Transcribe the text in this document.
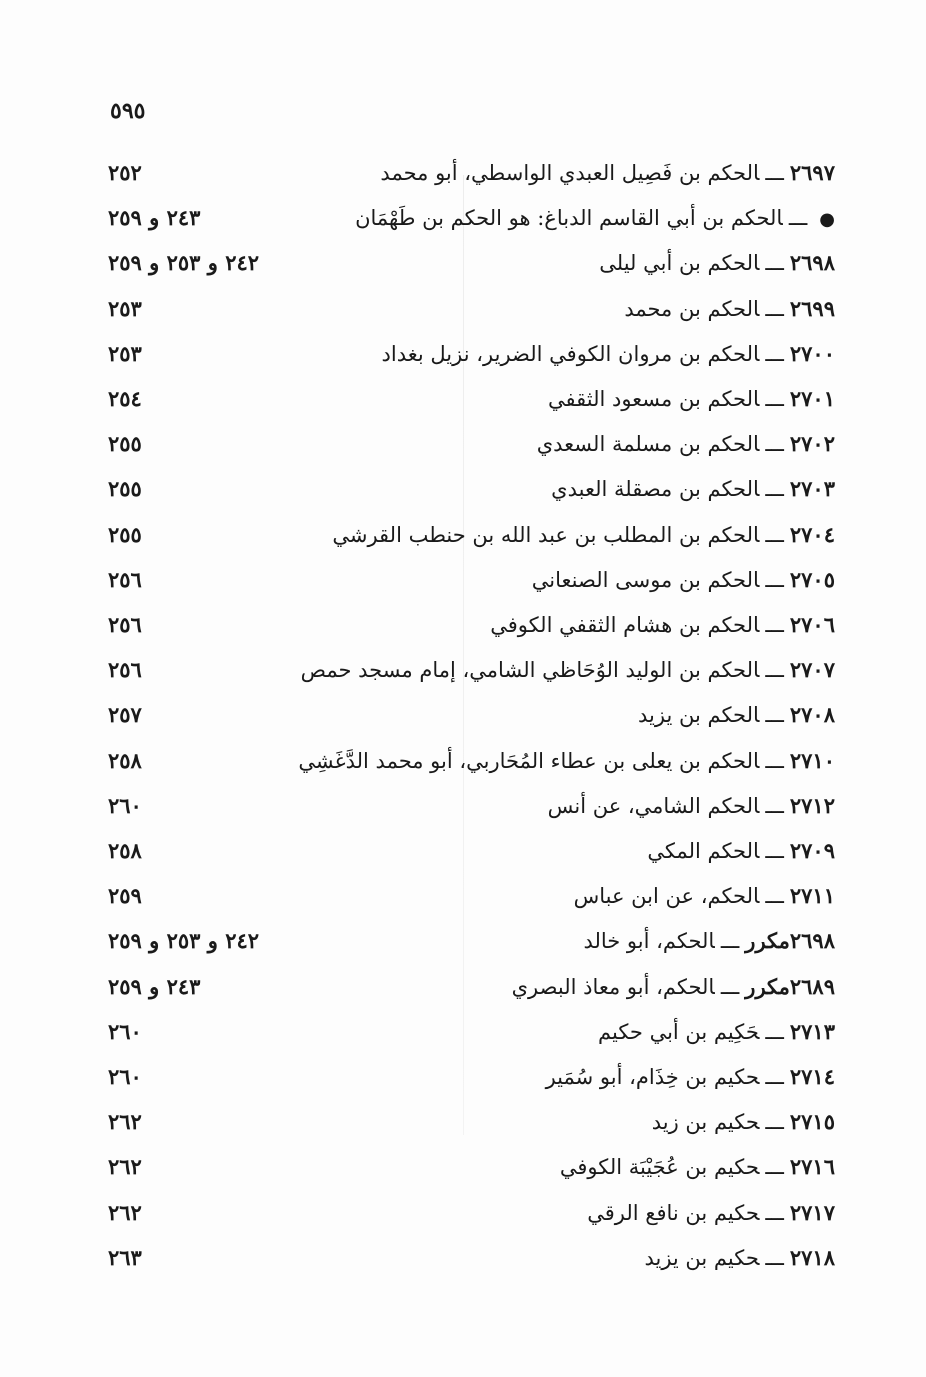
٥٩٥
٢٦٩٧ـــالحكم بن فَصِيل العبدي الواسطي، أبو محمد
٢٥٢
●ـــالحكم بن أبي القاسم الدباغ: هو الحكم بن طَهْمَان
٢٤٣ و ٢٥٩
٢٦٩٨ـــالحكم بن أبي ليلى
٢٤٢ و ٢٥٣ و ٢٥٩
٢٦٩٩ـــالحكم بن محمد
٢٥٣
٢٧٠٠ـــالحكم بن مروان الكوفي الضرير، نزيل بغداد
٢٥٣
٢٧٠١ـــالحكم بن مسعود الثقفي
٢٥٤
٢٧٠٢ـــالحكم بن مسلمة السعدي
٢٥٥
٢٧٠٣ـــالحكم بن مصقلة العبدي
٢٥٥
٢٧٠٤ـــالحكم بن المطلب بن عبد الله بن حنطب القرشي
٢٥٥
٢٧٠٥ـــالحكم بن موسى الصنعاني
٢٥٦
٢٧٠٦ـــالحكم بن هشام الثقفي الكوفي
٢٥٦
٢٧٠٧ـــالحكم بن الوليد الوُحَاظي الشامي، إمام مسجد حمص
٢٥٦
٢٧٠٨ـــالحكم بن يزيد
٢٥٧
٢٧١٠ـــالحكم بن يعلى بن عطاء المُحَاربي، أبو محمد الدَّغَشِي
٢٥٨
٢٧١٢ـــالحكم الشامي، عن أنس
٢٦٠
٢٧٠٩ـــالحكم المكي
٢٥٨
٢٧١١ـــالحكم، عن ابن عباس
٢٥٩
٢٦٩٨مكررـــالحكم، أبو خالد
٢٤٢ و ٢٥٣ و ٢٥٩
٢٦٨٩مكررـــالحكم، أبو معاذ البصري
٢٤٣ و ٢٥٩
٢٧١٣ـــحَكِيم بن أبي حكيم
٢٦٠
٢٧١٤ـــحكيم بن خِذَام، أبو سُمَير
٢٦٠
٢٧١٥ـــحكيم بن زيد
٢٦٢
٢٧١٦ـــحكيم بن عُجَيْبَة الكوفي
٢٦٢
٢٧١٧ـــحكيم بن نافع الرقي
٢٦٢
٢٧١٨ـــحكيم بن يزيد
٢٦٣
